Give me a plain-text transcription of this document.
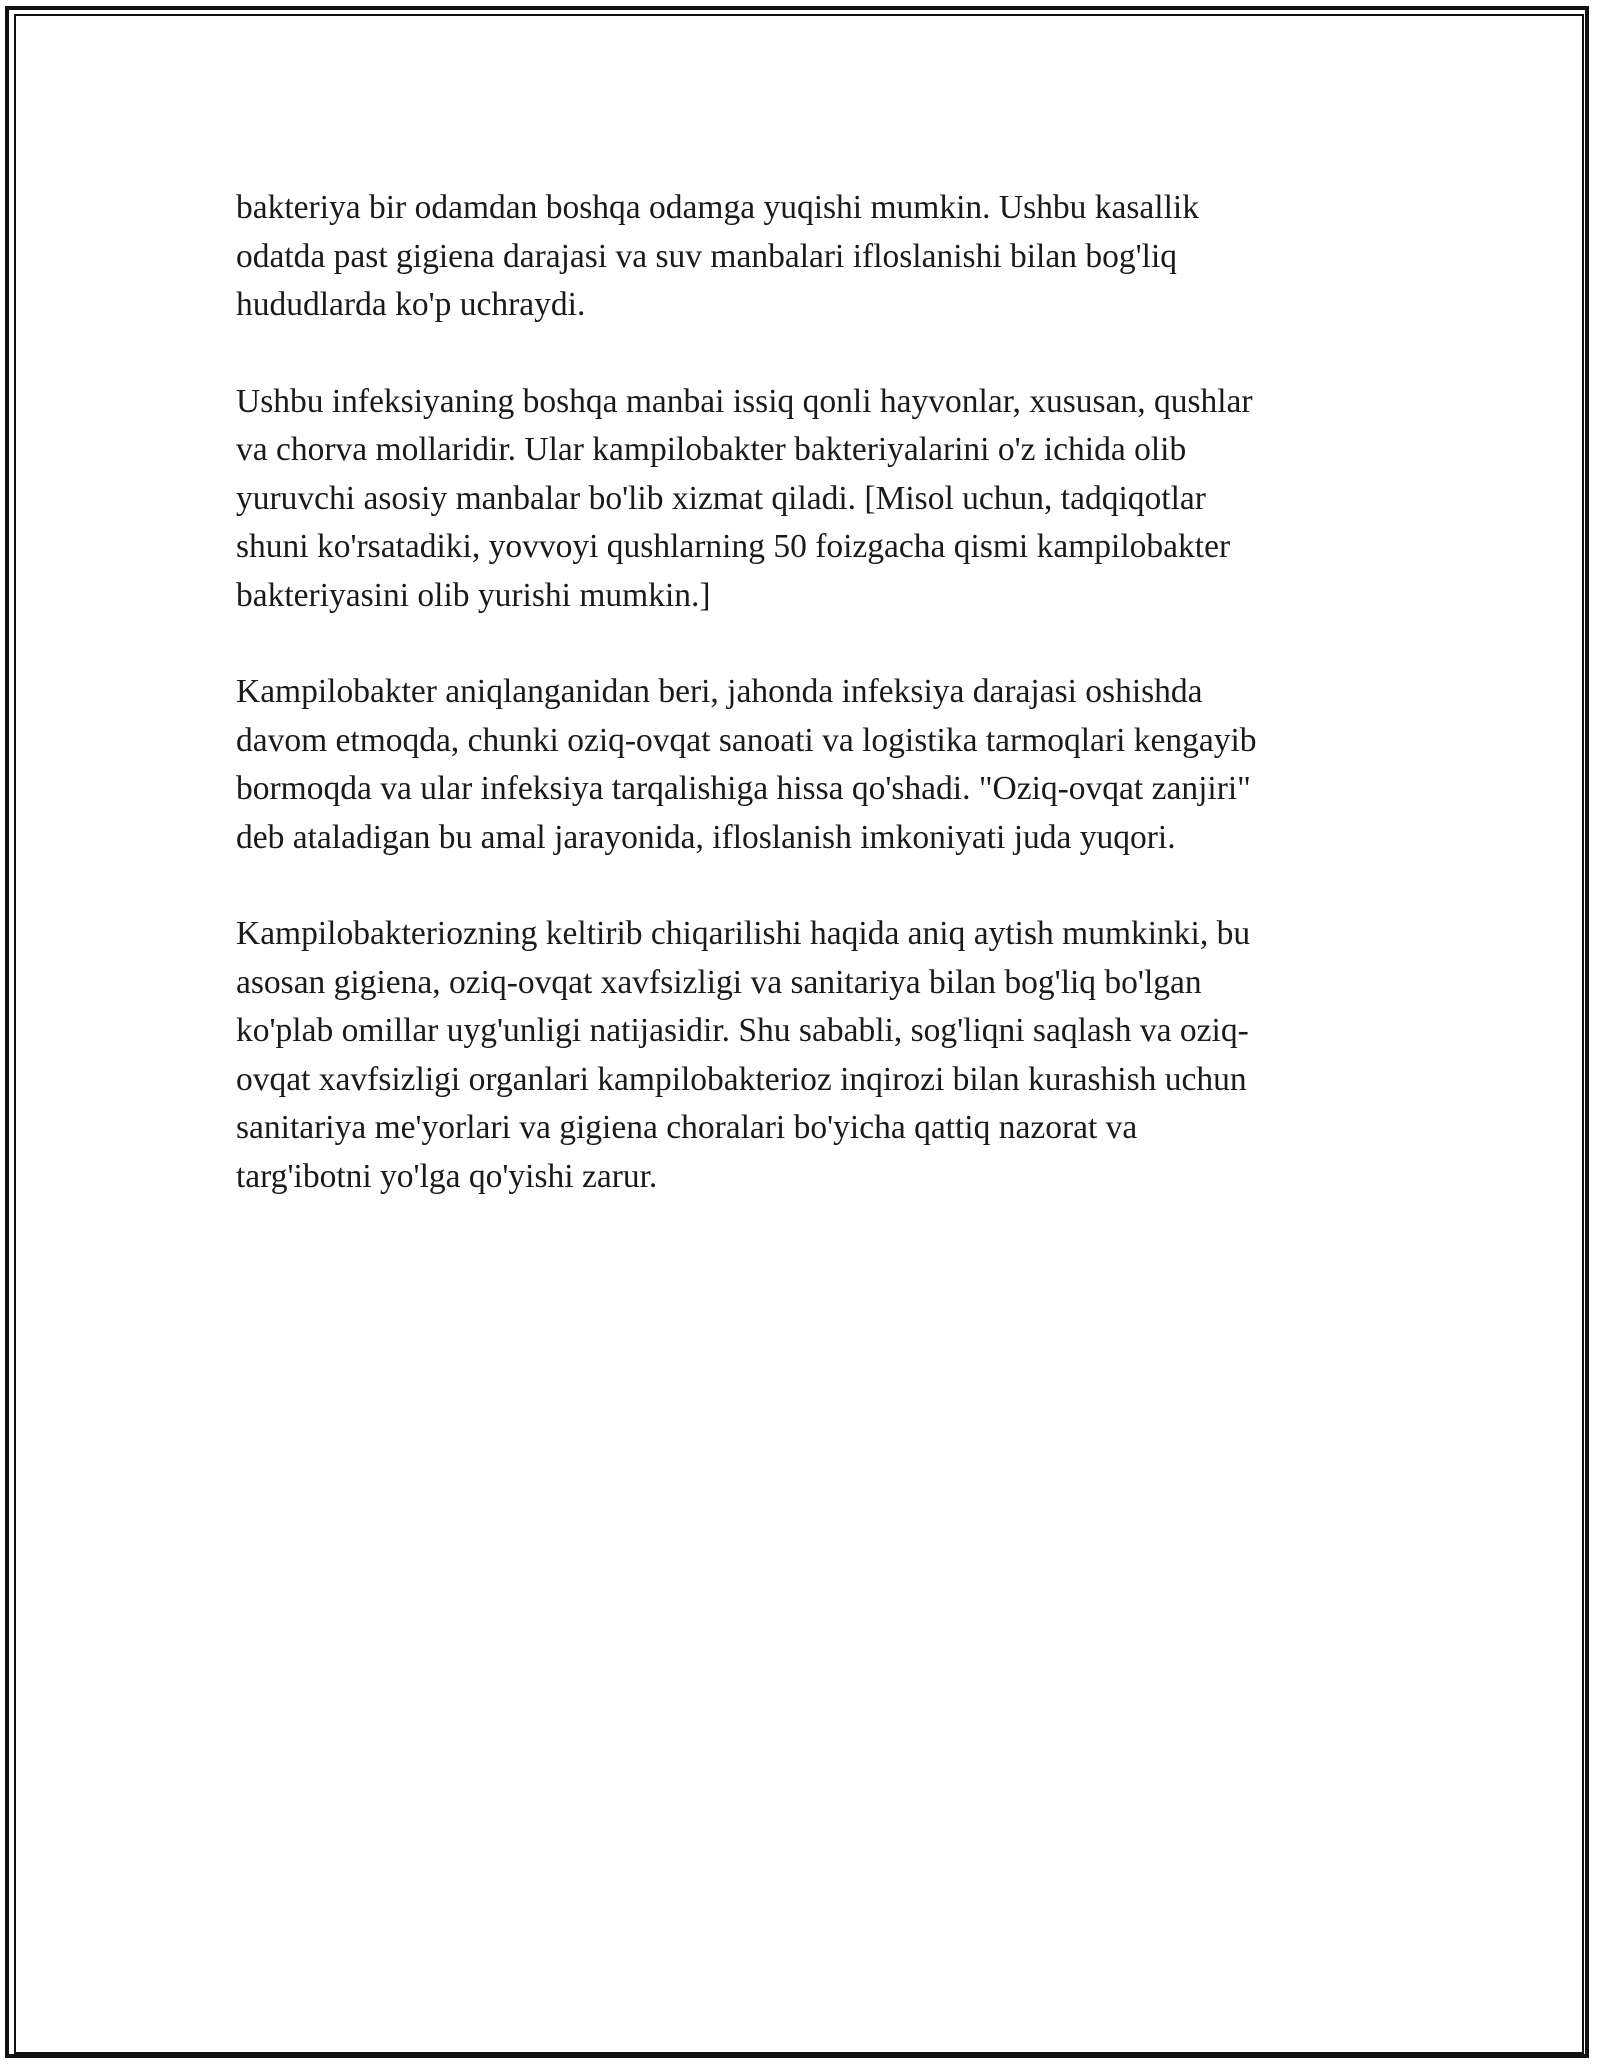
bakteriya bir odamdan boshqa odamga yuqishi mumkin. Ushbu kasallik
odatda past gigiena darajasi va suv manbalari ifloslanishi bilan bog'liq
hududlarda ko'p uchraydi.

Ushbu infeksiyaning boshqa manbai issiq qonli hayvonlar, xususan, qushlar
va chorva mollaridir. Ular kampilobakter bakteriyalarini o'z ichida olib
yuruvchi asosiy manbalar bo'lib xizmat qiladi. [Misol uchun, tadqiqotlar
shuni ko'rsatadiki, yovvoyi qushlarning 50 foizgacha qismi kampilobakter
bakteriyasini olib yurishi mumkin.]

Kampilobakter aniqlanganidan beri, jahonda infeksiya darajasi oshishda
davom etmoqda, chunki oziq-ovqat sanoati va logistika tarmoqlari kengayib
bormoqda va ular infeksiya tarqalishiga hissa qo'shadi. "Oziq-ovqat zanjiri"
deb ataladigan bu amal jarayonida, ifloslanish imkoniyati juda yuqori.

Kampilobakteriozning keltirib chiqarilishi haqida aniq aytish mumkinki, bu
asosan gigiena, oziq-ovqat xavfsizligi va sanitariya bilan bog'liq bo'lgan
ko'plab omillar uyg'unligi natijasidir. Shu sababli, sog'liqni saqlash va oziq-
ovqat xavfsizligi organlari kampilobakterioz inqirozi bilan kurashish uchun
sanitariya me'yorlari va gigiena choralari bo'yicha qattiq nazorat va
targ'ibotni yo'lga qo'yishi zarur.
